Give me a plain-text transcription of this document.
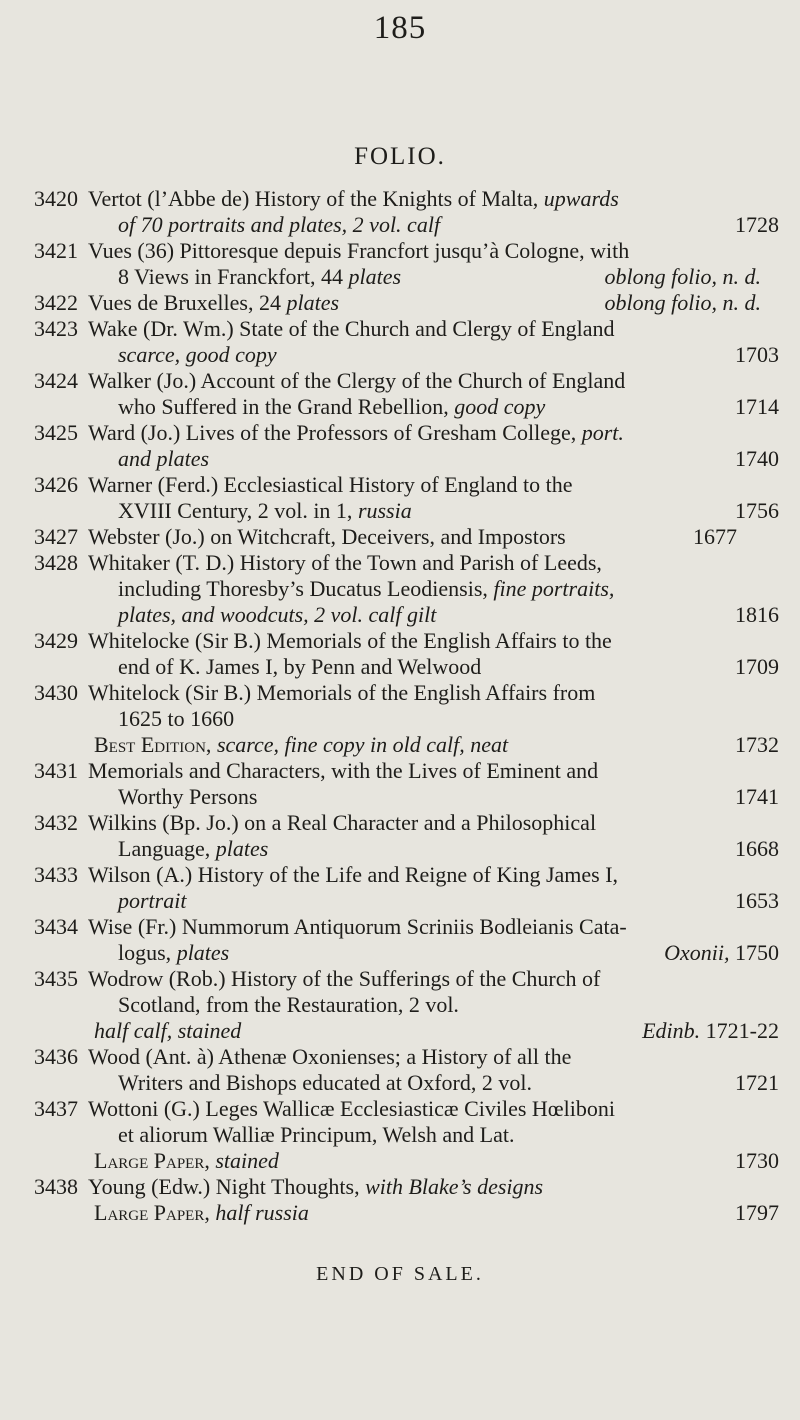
185
FOLIO.
3420 Vertot (l’Abbe de) History of the Knights of Malta, upwards
of 70 portraits and plates, 2 vol. calf	1728
3421 Vues (36) Pittoresque depuis Francfort jusqu’à Cologne, with
8 Views in Franckfort, 44 plates	oblong folio, n. d.
3422 Vues de Bruxelles, 24 plates	oblong folio, n. d.
3423 Wake (Dr. Wm.) State of the Church and Clergy of England
scarce, good copy	1703
3424 Walker (Jo.) Account of the Clergy of the Church of England
who Suffered in the Grand Rebellion, good copy	1714
3425 Ward (Jo.) Lives of the Professors of Gresham College, port.
and plates	1740
3426 Warner (Ferd.) Ecclesiastical History of England to the
XVIII Century, 2 vol. in 1, russia	1756
3427 Webster (Jo.) on Witchcraft, Deceivers, and Impostors	1677
3428 Whitaker (T. D.) History of the Town and Parish of Leeds,
including Thoresby’s Ducatus Leodiensis, fine portraits,
plates, and woodcuts, 2 vol. calf gilt	1816
3429 Whitelocke (Sir B.) Memorials of the English Affairs to the
end of K. James I, by Penn and Welwood	1709
3430 Whitelock (Sir B.) Memorials of the English Affairs from
1625 to 1660
Best Edition, scarce, fine copy in old calf, neat	1732
3431 Memorials and Characters, with the Lives of Eminent and
Worthy Persons	1741
3432 Wilkins (Bp. Jo.) on a Real Character and a Philosophical
Language, plates	1668
3433 Wilson (A.) History of the Life and Reigne of King James I,
portrait	1653
3434 Wise (Fr.) Nummorum Antiquorum Scriniis Bodleianis Cata-
logus, plates	Oxonii, 1750
3435 Wodrow (Rob.) History of the Sufferings of the Church of
Scotland, from the Restauration, 2 vol.
half calf, stained	Edinb. 1721-22
3436 Wood (Ant. à) Athenæ Oxonienses; a History of all the
Writers and Bishops educated at Oxford, 2 vol.	1721
3437 Wottoni (G.) Leges Wallicæ Ecclesiasticæ Civiles Hœliboni
et aliorum Walliæ Principum, Welsh and Lat.
Large Paper, stained	1730
3438 Young (Edw.) Night Thoughts, with Blake’s designs
Large Paper, half russia	1797
END OF SALE.
